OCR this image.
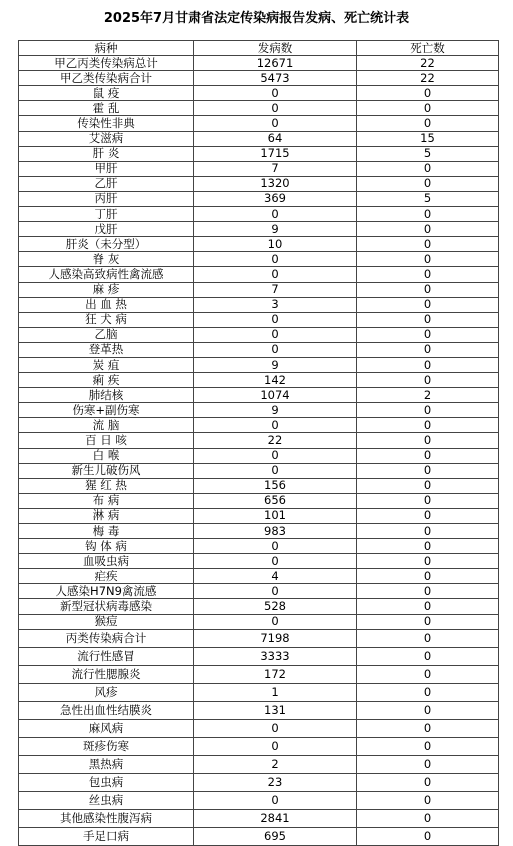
2025年7月甘肃省法定传染病报告发病、死亡统计表
病种	发病数	死亡数
甲乙丙类传染病总计	12671	22
甲乙类传染病合计	5473	22
鼠 疫	0	0
霍 乱	0	0
传染性非典	0	0
艾滋病	64	15
肝 炎	1715	5
甲肝	7	0
乙肝	1320	0
丙肝	369	5
丁肝	0	0
戊肝	9	0
肝炎（未分型）	10	0
脊 灰	0	0
人感染高致病性禽流感	0	0
麻 疹	7	0
出 血 热	3	0
狂 犬 病	0	0
乙脑	0	0
登革热	0	0
炭 疽	9	0
痢 疾	142	0
肺结核	1074	2
伤寒+副伤寒	9	0
流 脑	0	0
百 日 咳	22	0
白 喉	0	0
新生儿破伤风	0	0
猩 红 热	156	0
布 病	656	0
淋 病	101	0
梅 毒	983	0
钩 体 病	0	0
血吸虫病	0	0
疟疾	4	0
人感染H7N9禽流感	0	0
新型冠状病毒感染	528	0
猴痘	0	0
丙类传染病合计	7198	0
流行性感冒	3333	0
流行性腮腺炎	172	0
风疹	1	0
急性出血性结膜炎	131	0
麻风病	0	0
斑疹伤寒	0	0
黑热病	2	0
包虫病	23	0
丝虫病	0	0
其他感染性腹泻病	2841	0
手足口病	695	0
